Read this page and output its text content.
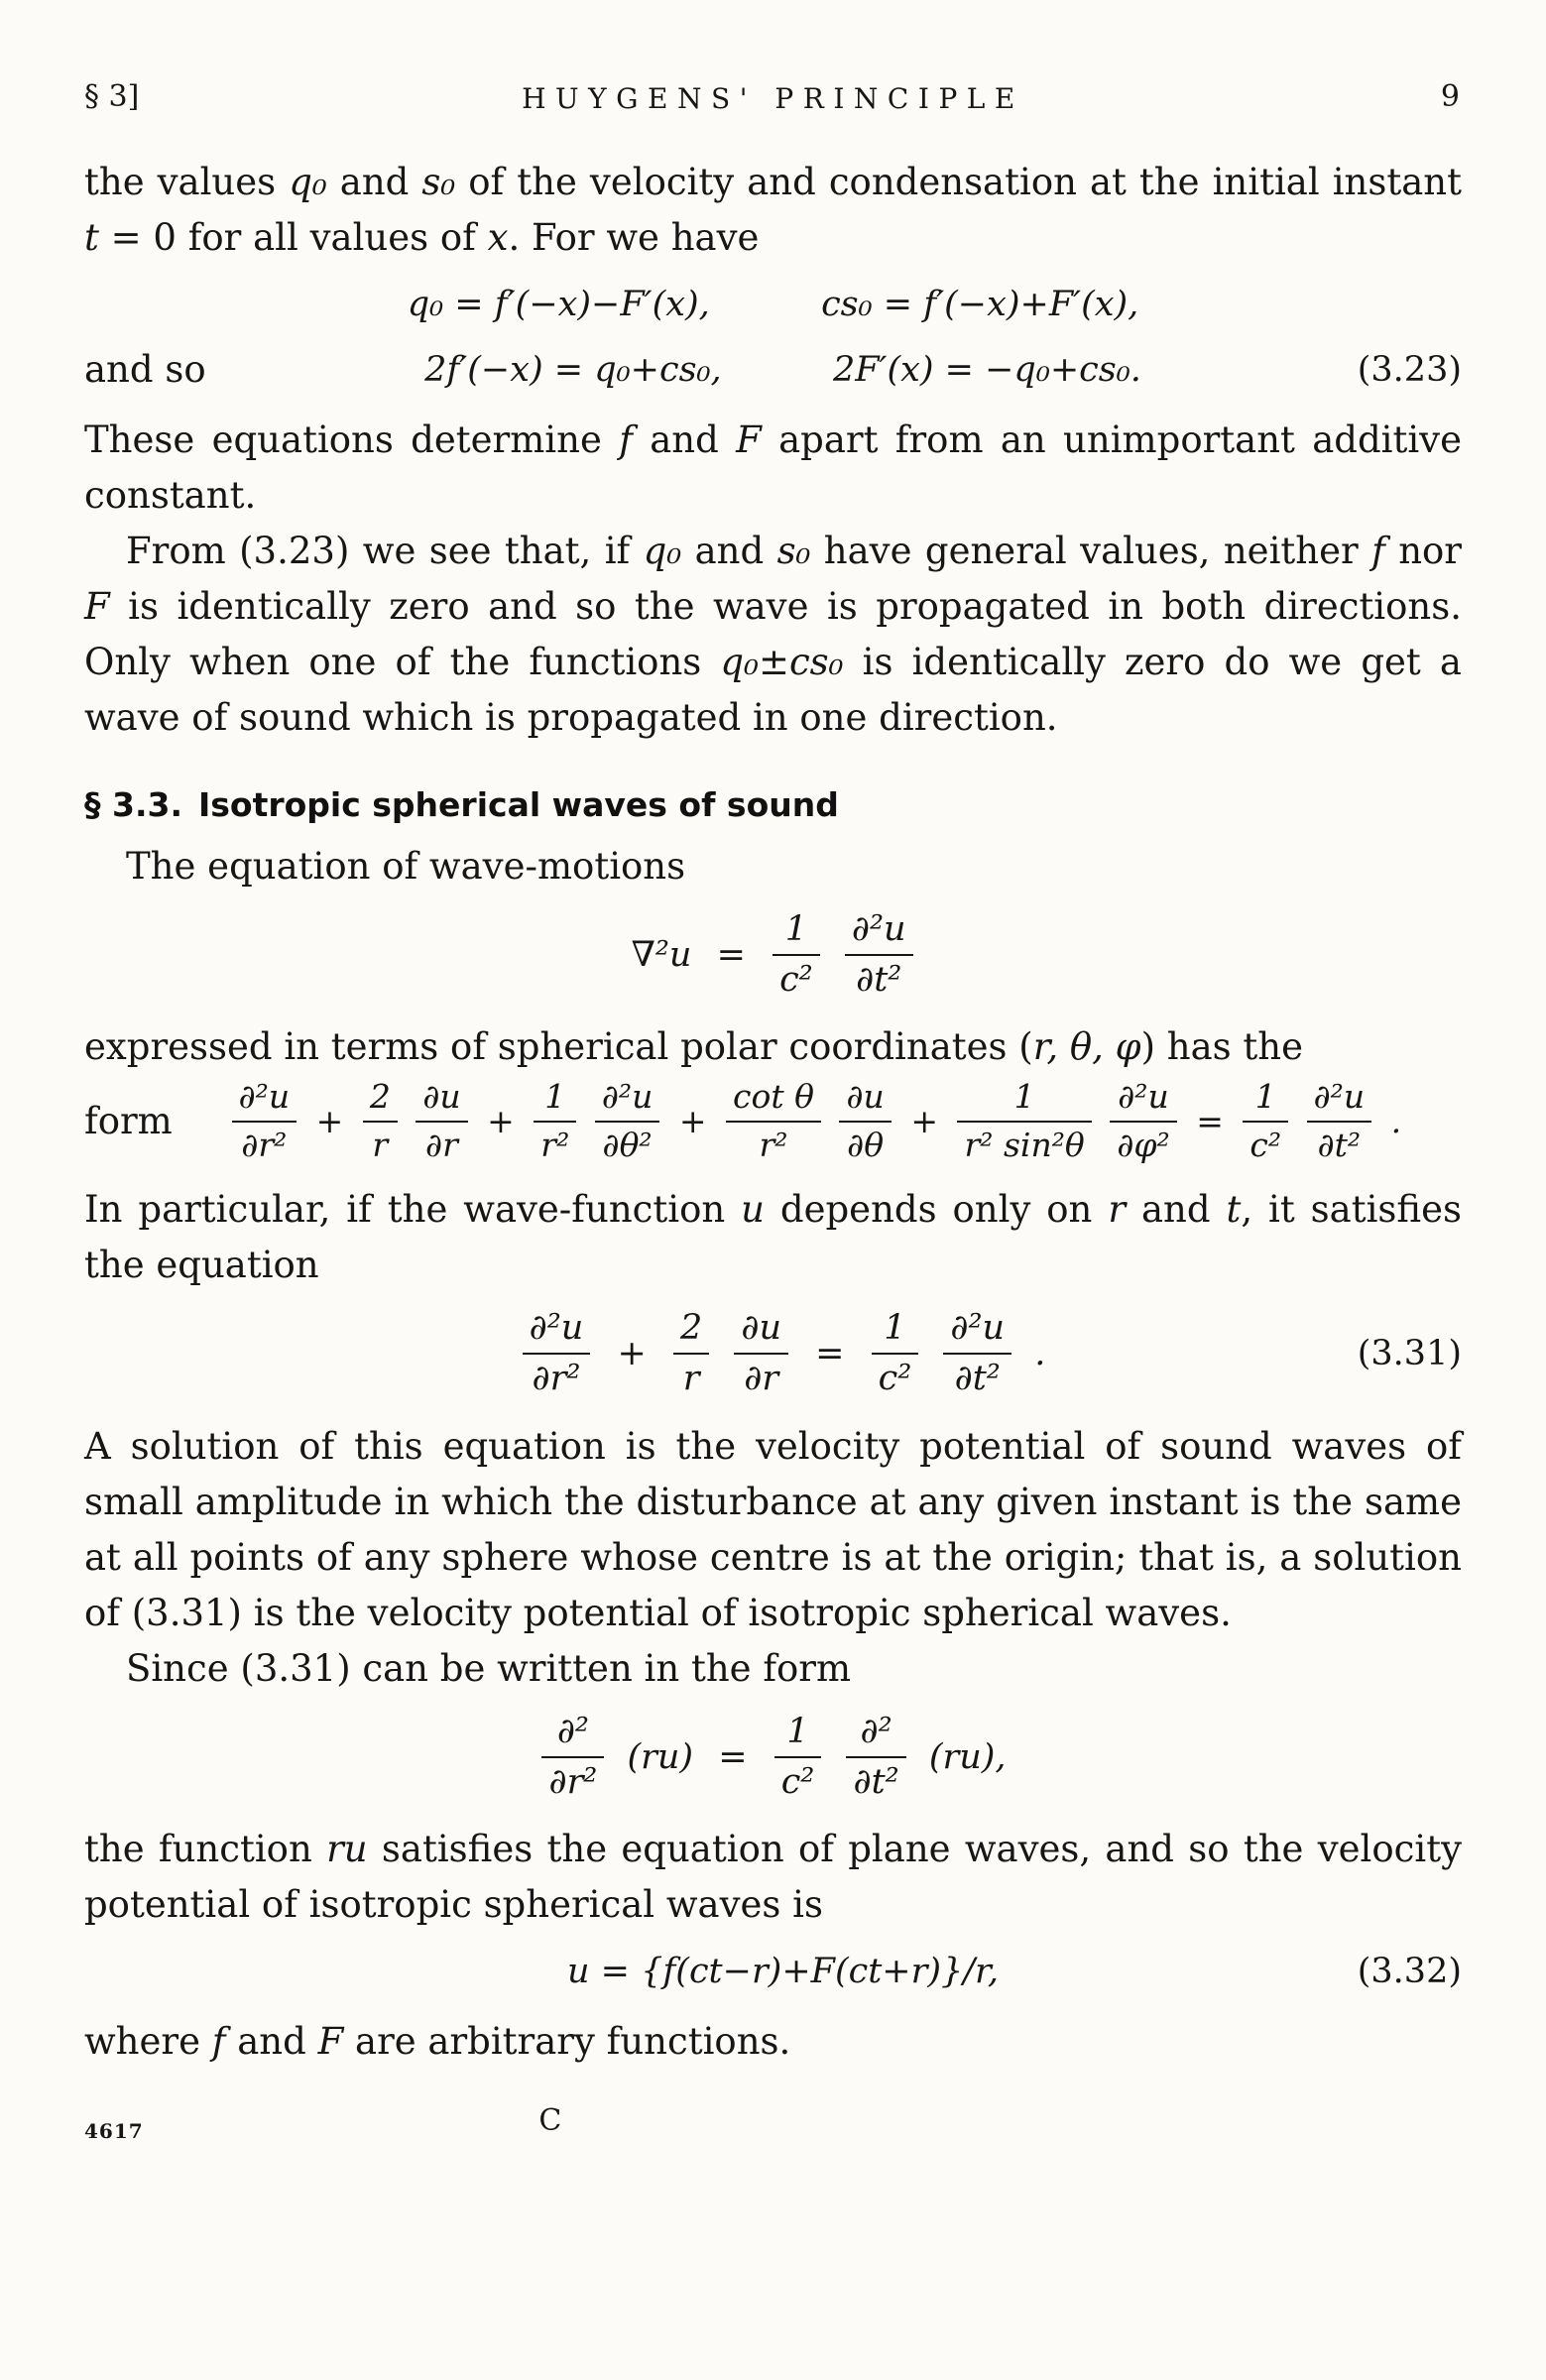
§ 3]	HUYGENS' PRINCIPLE	9

the values q₀ and s₀ of the velocity and condensation at the initial instant t = 0 for all values of x. For we have

q₀ = f′(−x)−F′(x),	cs₀ = f′(−x)+F′(x),
and so	2f′(−x) = q₀+cs₀,	2F′(x) = −q₀+cs₀.	(3.23)

These equations determine f and F apart from an unimportant additive constant.

From (3.23) we see that, if q₀ and s₀ have general values, neither f nor F is identically zero and so the wave is propagated in both directions. Only when one of the functions q₀±cs₀ is identically zero do we get a wave of sound which is propagated in one direction.

§ 3.3. Isotropic spherical waves of sound

The equation of wave-motions

$\nabla^2u = \frac{1}{\text{c²}}$
$\frac{\text{∂²u}}{\text{∂t²}}$

expressed in terms of spherical polar coordinates (r, θ, φ) has the

form $\frac{\text{∂²u}}{\text{∂r²}} + \frac{2}{r}$
$\frac{\partial u}{\partial r} + \frac{1}{\text{r²}}$
$\frac{\text{∂²u}}{\text{∂θ²}} + \frac{\text{cot θ}}{\text{r²}}$
$\frac{\partial u}{\partial\theta} + \frac{1}{\text{r² sin²θ}}$
$\frac{\text{∂²u}}{\text{∂φ²}} = \frac{1}{\text{c²}}$
$\frac{\text{∂²u}}{\text{∂t²}}$ .

In particular, if the wave-function u depends only on r and t, it satisfies the equation

$\frac{\text{∂²u}}{\text{∂r²}} + \frac{2}{r}$
$\frac{\partial u}{\partial r} = \frac{1}{\text{c²}}$
$\frac{\text{∂²u}}{\text{∂t²}}$ .	(3.31)

A solution of this equation is the velocity potential of sound waves of small amplitude in which the disturbance at any given instant is the same at all points of any sphere whose centre is at the origin; that is, a solution of (3.31) is the velocity potential of isotropic spherical waves.

Since (3.31) can be written in the form

$\frac{\text{∂²}}{\text{∂r²}} (ru) = \frac{1}{\text{c²}}$
$\frac{\text{∂²}}{\text{∂t²}} (ru)$,

the function ru satisfies the equation of plane waves, and so the velocity potential of isotropic spherical waves is

u = {f(ct−r)+F(ct+r)}/r,	(3.32)

where f and F are arbitrary functions.

4617	C
